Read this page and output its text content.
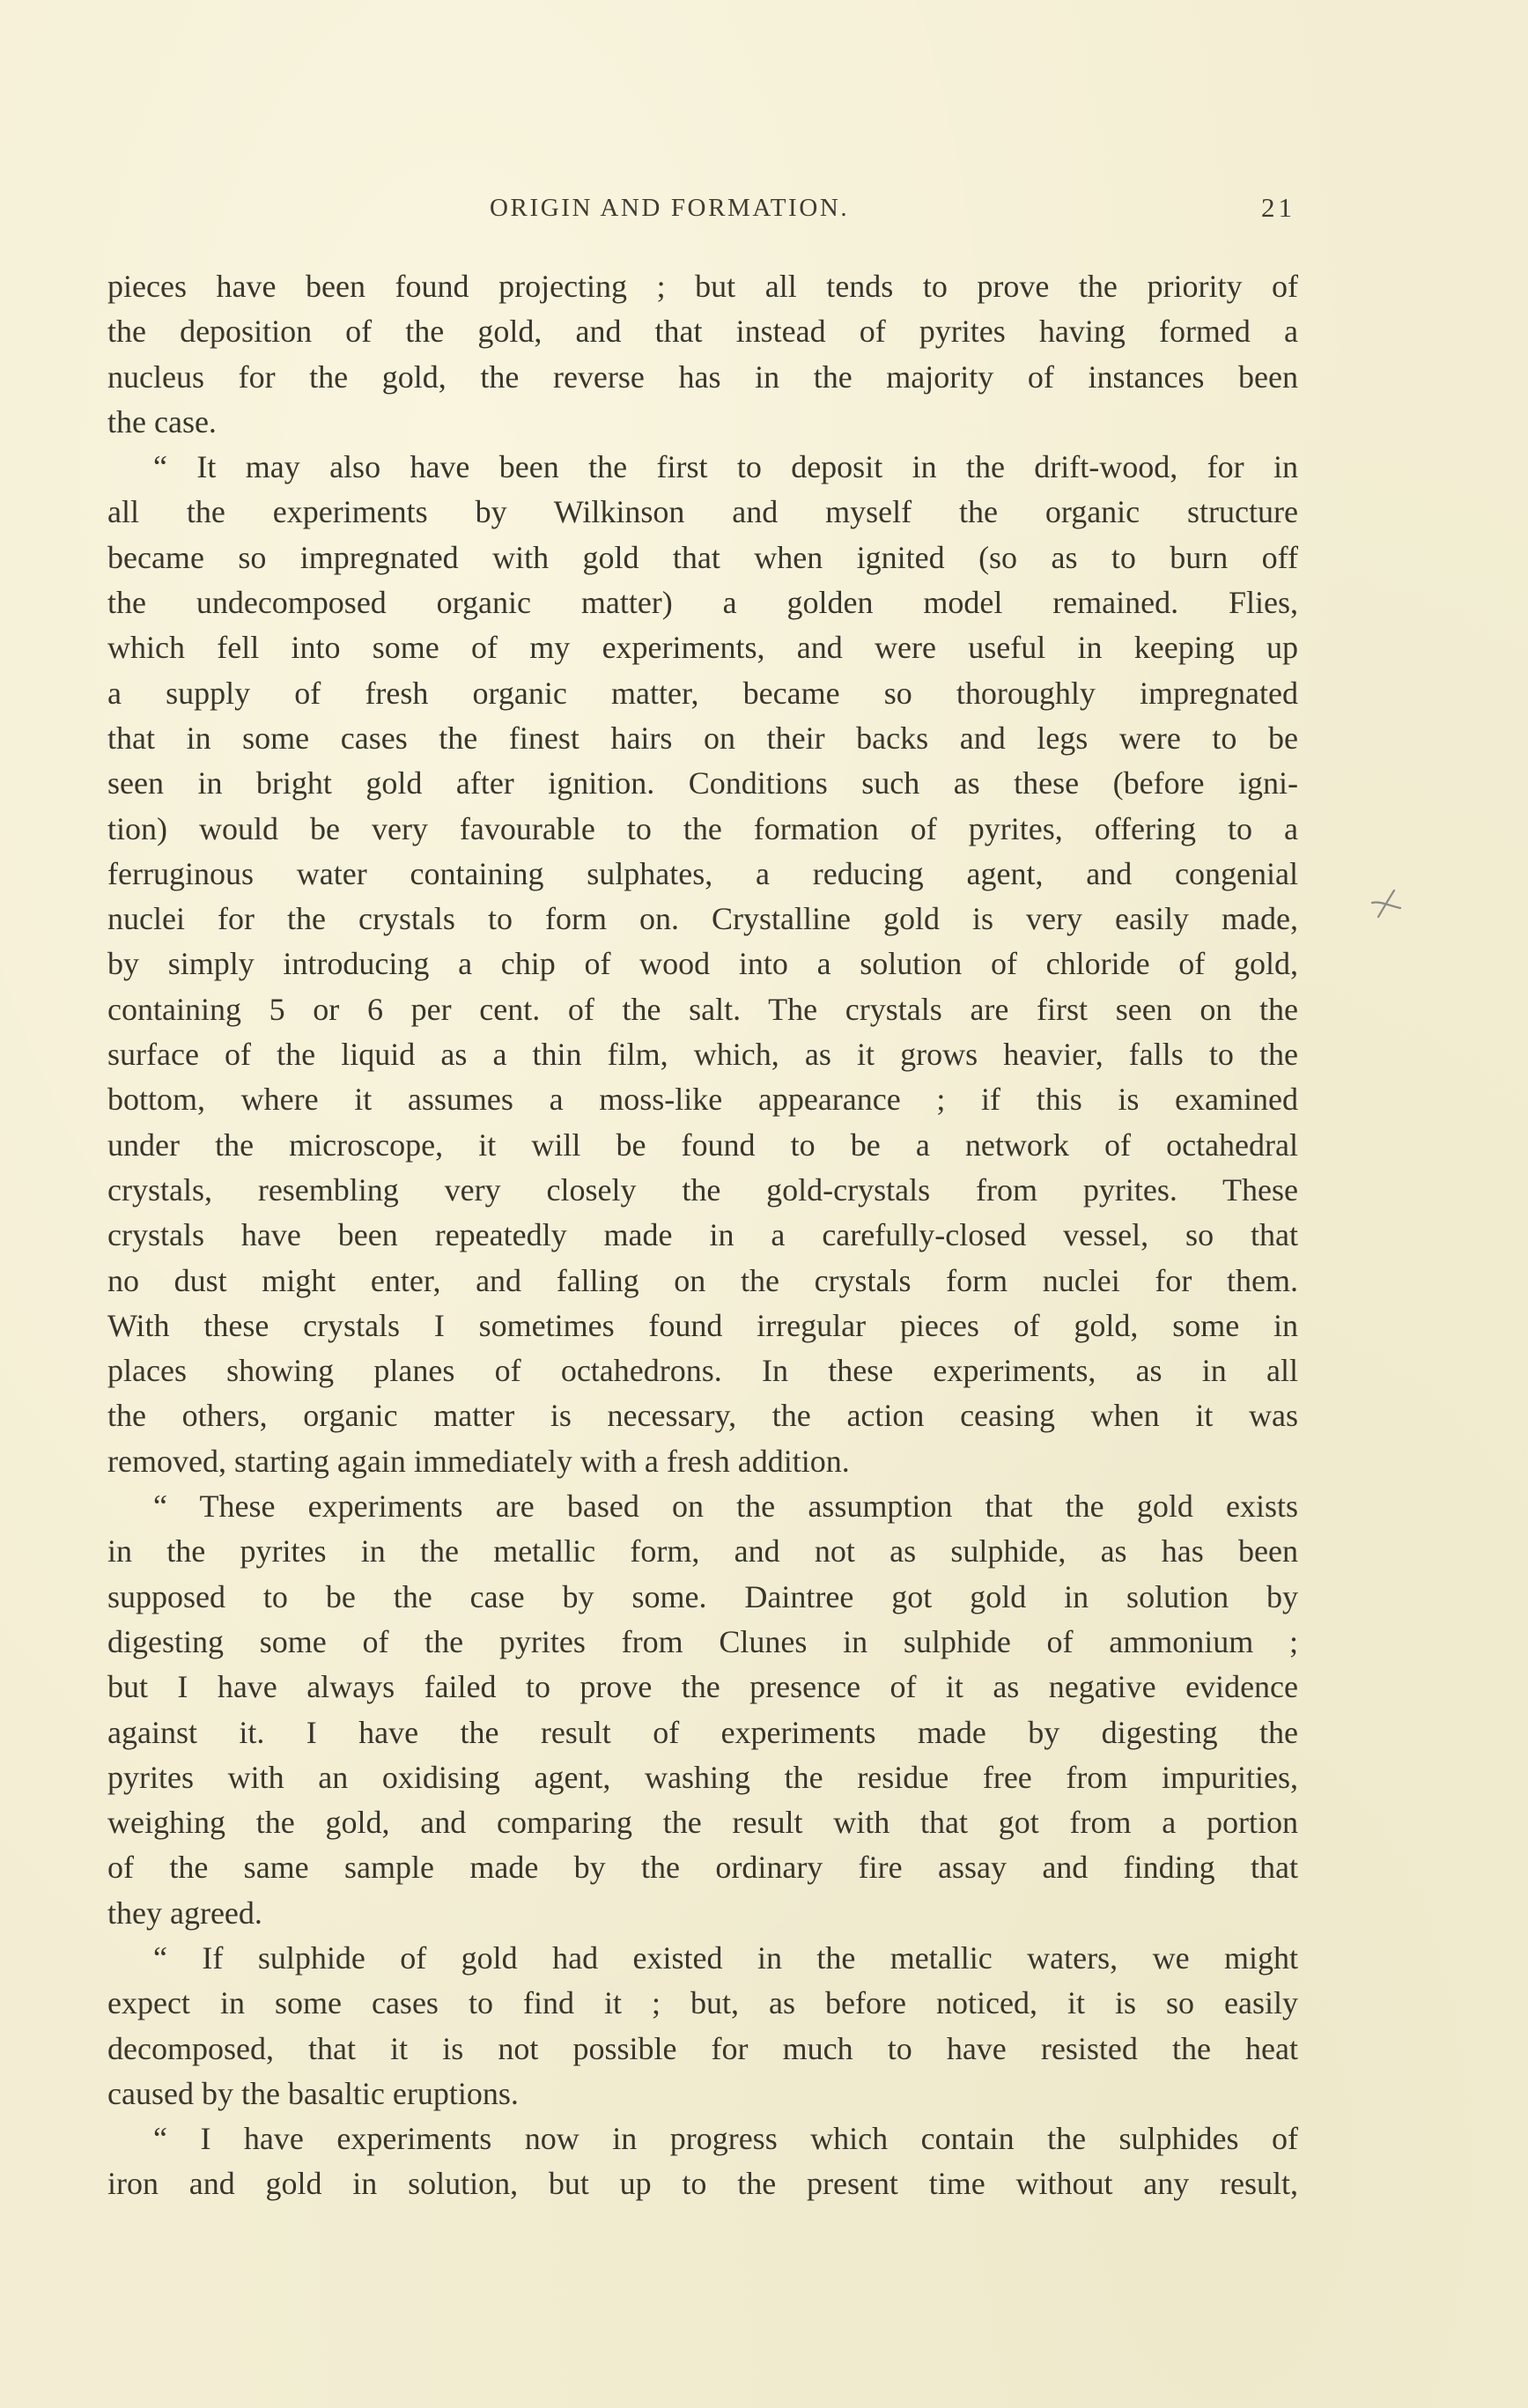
ORIGIN AND FORMATION.	21
pieces have been found projecting ; but all tends to prove the priority of
the deposition of the gold, and that instead of pyrites having formed a
nucleus for the gold, the reverse has in the majority of instances been
the case.
“ It may also have been the first to deposit in the drift-wood, for in
all the experiments by Wilkinson and myself the organic structure
became so impregnated with gold that when ignited (so as to burn off
the undecomposed organic matter) a golden model remained. Flies,
which fell into some of my experiments, and were useful in keeping up
a supply of fresh organic matter, became so thoroughly impregnated
that in some cases the finest hairs on their backs and legs were to be
seen in bright gold after ignition. Conditions such as these (before igni-
tion) would be very favourable to the formation of pyrites, offering to a
ferruginous water containing sulphates, a reducing agent, and congenial
nuclei for the crystals to form on. Crystalline gold is very easily made,
by simply introducing a chip of wood into a solution of chloride of gold,
containing 5 or 6 per cent. of the salt. The crystals are first seen on the
surface of the liquid as a thin film, which, as it grows heavier, falls to the
bottom, where it assumes a moss-like appearance ; if this is examined
under the microscope, it will be found to be a network of octahedral
crystals, resembling very closely the gold-crystals from pyrites. These
crystals have been repeatedly made in a carefully-closed vessel, so that
no dust might enter, and falling on the crystals form nuclei for them.
With these crystals I sometimes found irregular pieces of gold, some in
places showing planes of octahedrons. In these experiments, as in all
the others, organic matter is necessary, the action ceasing when it was
removed, starting again immediately with a fresh addition.
“ These experiments are based on the assumption that the gold exists
in the pyrites in the metallic form, and not as sulphide, as has been
supposed to be the case by some. Daintree got gold in solution by
digesting some of the pyrites from Clunes in sulphide of ammonium ;
but I have always failed to prove the presence of it as negative evidence
against it. I have the result of experiments made by digesting the
pyrites with an oxidising agent, washing the residue free from impurities,
weighing the gold, and comparing the result with that got from a portion
of the same sample made by the ordinary fire assay and finding that
they agreed.
“ If sulphide of gold had existed in the metallic waters, we might
expect in some cases to find it ; but, as before noticed, it is so easily
decomposed, that it is not possible for much to have resisted the heat
caused by the basaltic eruptions.
“ I have experiments now in progress which contain the sulphides of
iron and gold in solution, but up to the present time without any result,
